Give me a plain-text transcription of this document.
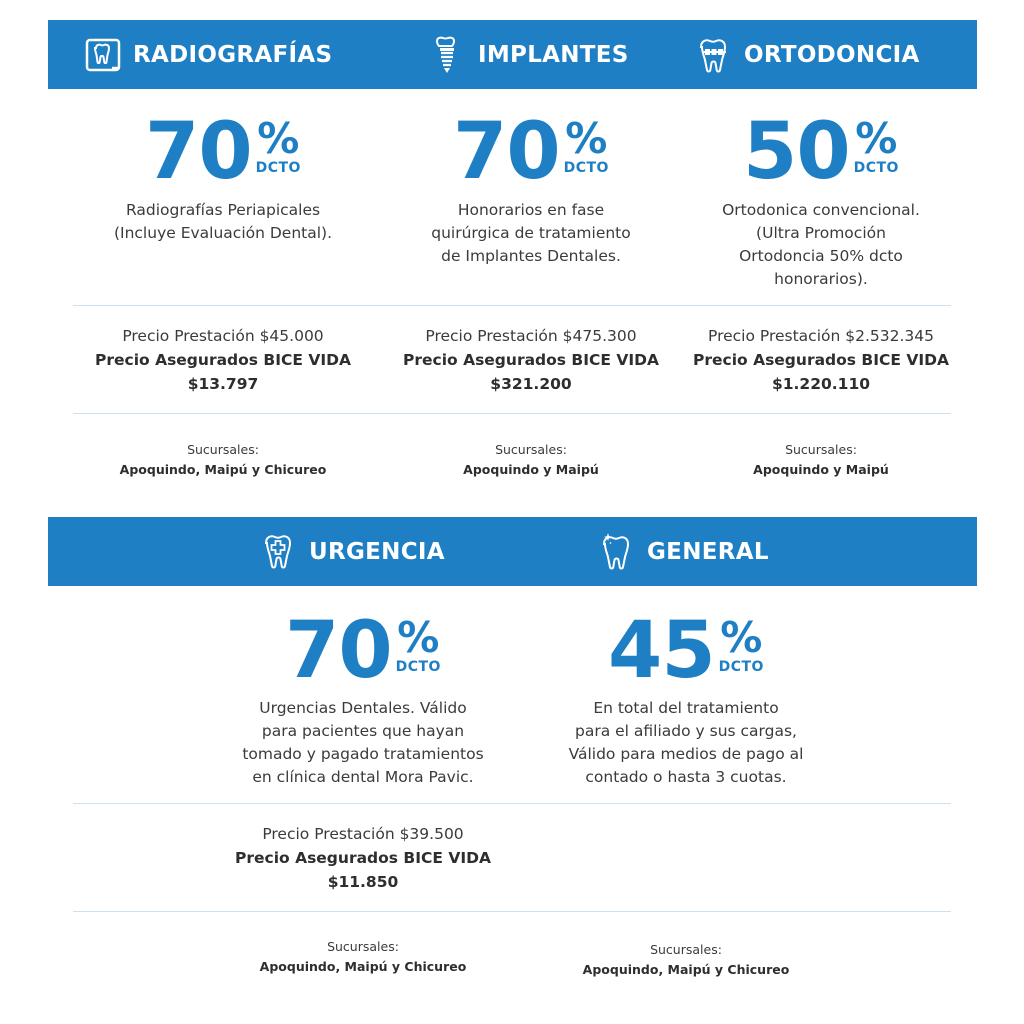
RADIOGRAFÍAS	IMPLANTES	ORTODONCIA
70 %
DCTO
Radiografías Periapicales
(Incluye Evaluación Dental).
Precio Prestación $45.000
Precio Asegurados BICE VIDA
$13.797
Sucursales:
Apoquindo, Maipú y Chicureo
70 %
DCTO
Honorarios en fase
quirúrgica de tratamiento
de Implantes Dentales.
Precio Prestación $475.300
Precio Asegurados BICE VIDA
$321.200
Sucursales:
Apoquindo y Maipú
50 %
DCTO
Ortodonica convencional.
(Ultra Promoción
Ortodoncia 50% dcto
honorarios).
Precio Prestación $2.532.345
Precio Asegurados BICE VIDA
$1.220.110
Sucursales:
Apoquindo y Maipú
URGENCIA	GENERAL
70 %
DCTO
Urgencias Dentales. Válido
para pacientes que hayan
tomado y pagado tratamientos
en clínica dental Mora Pavic.
Precio Prestación $39.500
Precio Asegurados BICE VIDA
$11.850
Sucursales:
Apoquindo, Maipú y Chicureo
45 %
DCTO
En total del tratamiento
para el afiliado y sus cargas,
Válido para medios de pago al
contado o hasta 3 cuotas.
Sucursales:
Apoquindo, Maipú y Chicureo
